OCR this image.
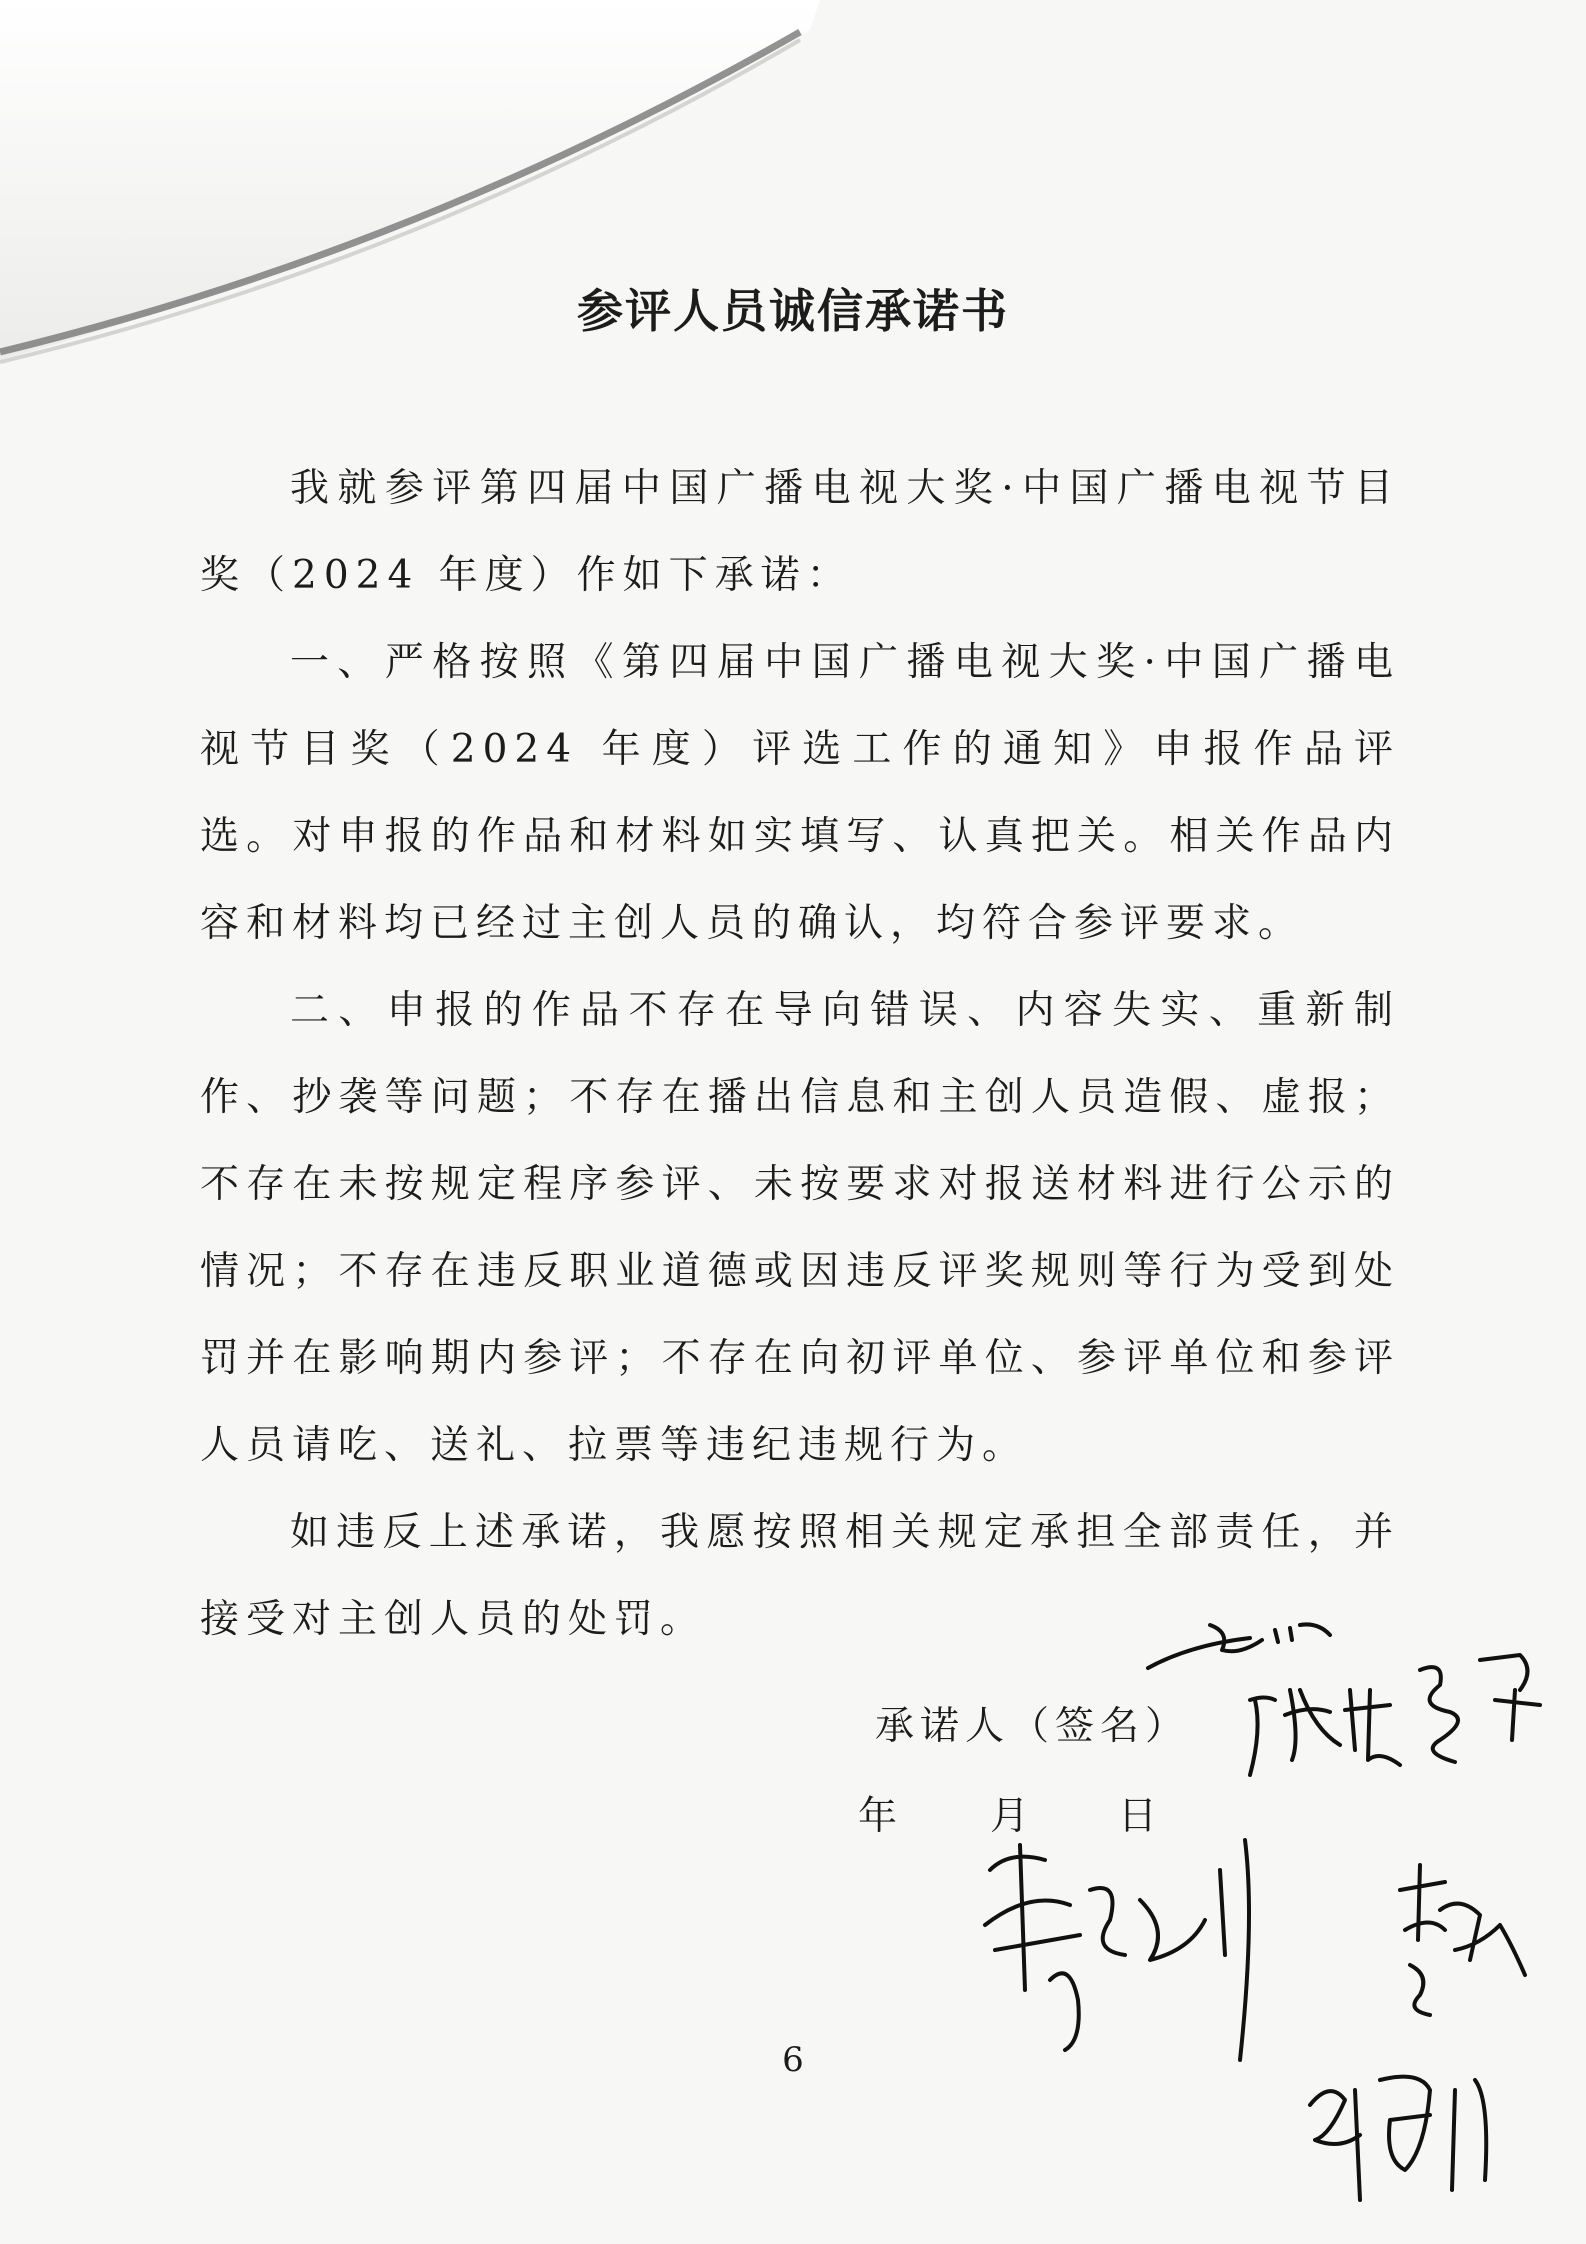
参评人员诚信承诺书

我就参评第四届中国广播电视大奖·中国广播电视节目奖（2024 年度）作如下承诺：

一、严格按照《第四届中国广播电视大奖·中国广播电视节目奖（2024 年度）评选工作的通知》申报作品评选。对申报的作品和材料如实填写、认真把关。相关作品内容和材料均已经过主创人员的确认，均符合参评要求。

二、申报的作品不存在导向错误、内容失实、重新制作、抄袭等问题；不存在播出信息和主创人员造假、虚报；不存在未按规定程序参评、未按要求对报送材料进行公示的情况；不存在违反职业道德或因违反评奖规则等行为受到处罚并在影响期内参评；不存在向初评单位、参评单位和参评人员请吃、送礼、拉票等违纪违规行为。

如违反上述承诺，我愿按照相关规定承担全部责任，并接受对主创人员的处罚。

承诺人（签名）
年 月 日
6
